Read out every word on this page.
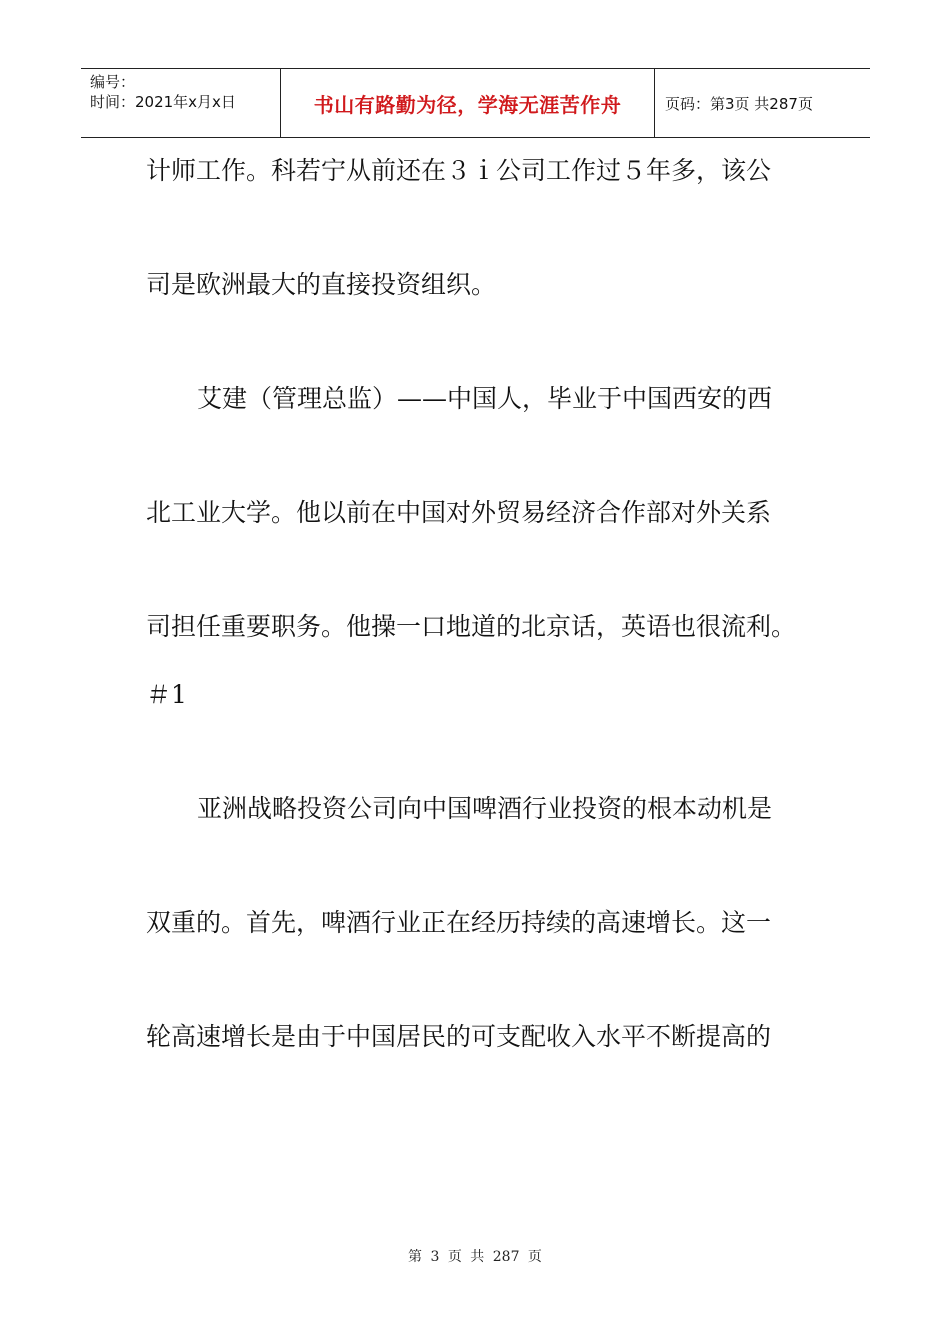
编号：
时间：2021年x月x日	书山有路勤为径，学海无涯苦作舟	页码：第3页 共287页
计师工作。科若宁从前还在３ｉ公司工作过５年多，该公
司是欧洲最大的直接投资组织。
艾建（管理总监）——中国人，毕业于中国西安的西
北工业大学。他以前在中国对外贸易经济合作部对外关系
司担任重要职务。他操一口地道的北京话，英语也很流利。
＃1
亚洲战略投资公司向中国啤酒行业投资的根本动机是
双重的。首先，啤酒行业正在经历持续的高速增长。这一
轮高速增长是由于中国居民的可支配收入水平不断提高的
第 3 页 共 287 页
